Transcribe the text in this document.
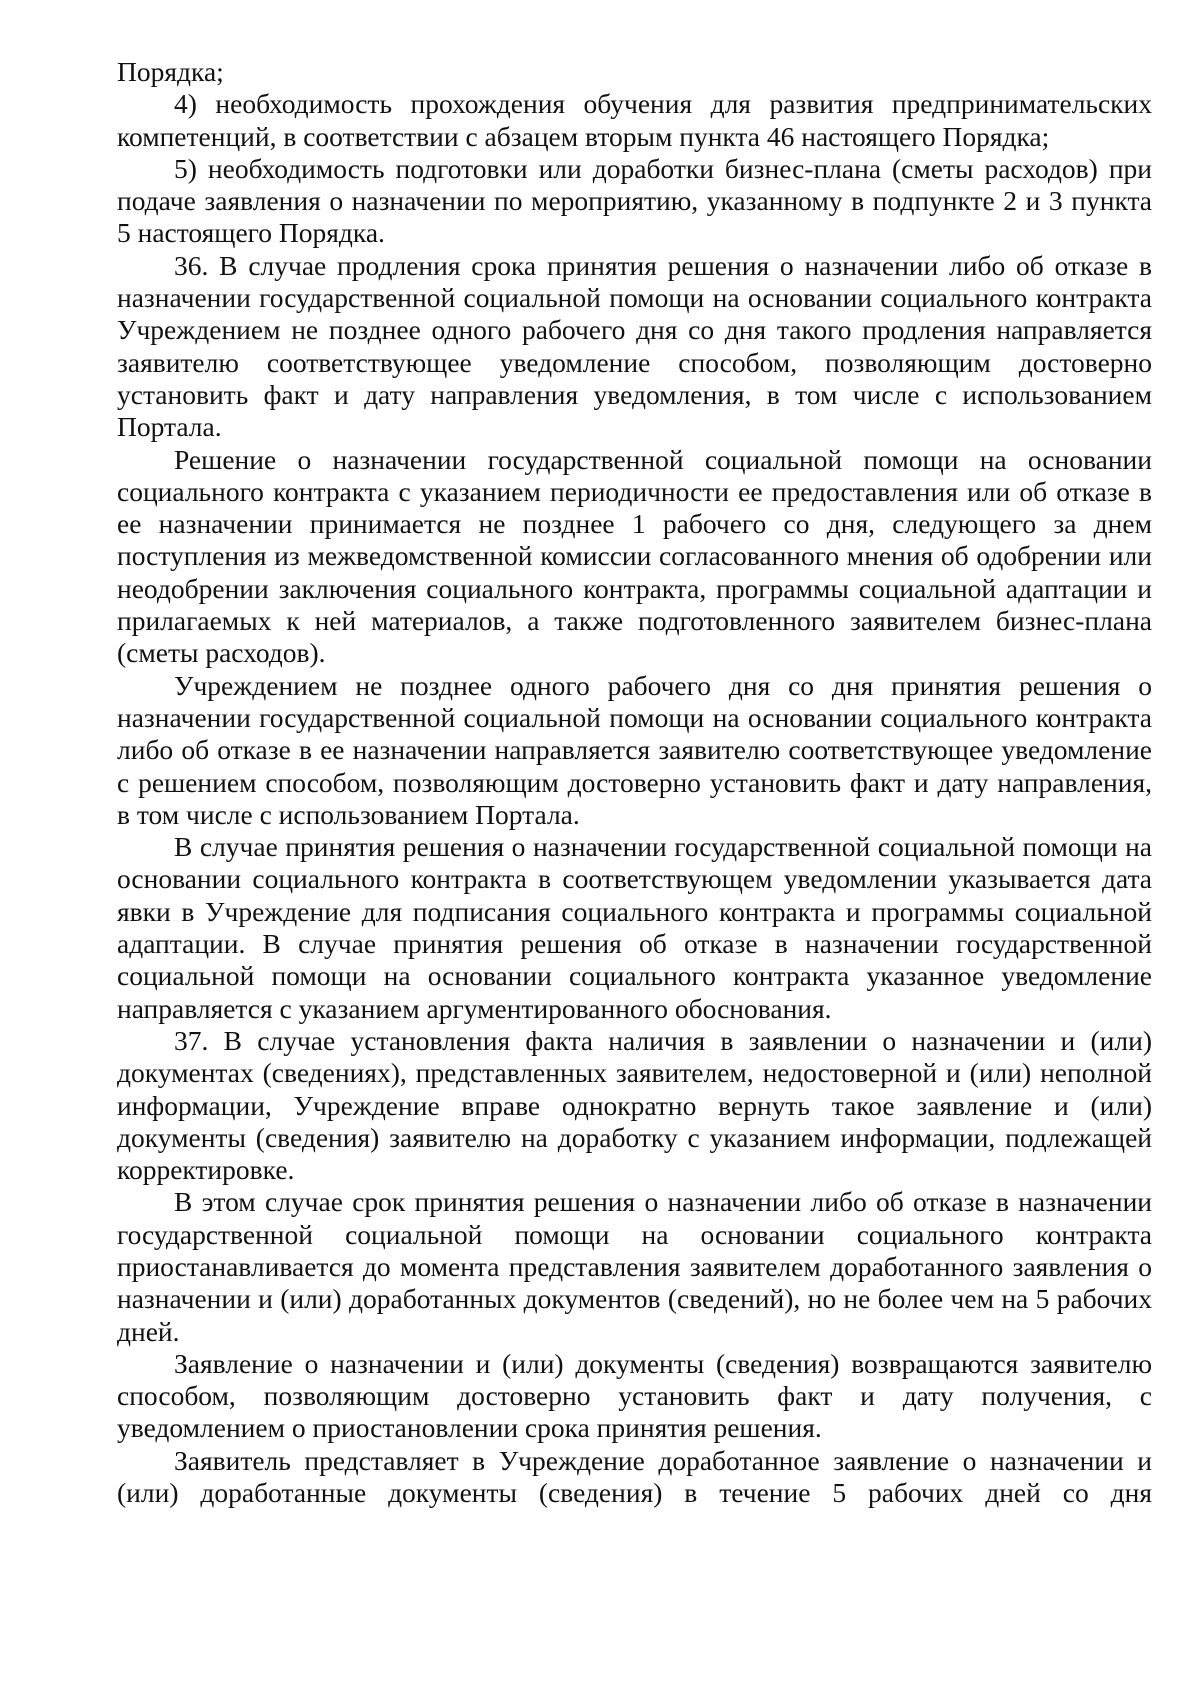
Порядка;

4) необходимость прохождения обучения для развития предпринимательских компетенций, в соответствии с абзацем вторым пункта 46 настоящего Порядка;

5) необходимость подготовки или доработки бизнес-плана (сметы расходов) при подаче заявления о назначении по мероприятию, указанному в подпункте 2 и 3 пункта 5 настоящего Порядка.

36. В случае продления срока принятия решения о назначении либо об отказе в назначении государственной социальной помощи на основании социального контракта Учреждением не позднее одного рабочего дня со дня такого продления направляется заявителю соответствующее уведомление способом, позволяющим достоверно установить факт и дату направления уведомления, в том числе с использованием Портала.

Решение о назначении государственной социальной помощи на основании социального контракта с указанием периодичности ее предоставления или об отказе в ее назначении принимается не позднее 1 рабочего со дня, следующего за днем поступления из межведомственной комиссии согласованного мнения об одобрении или неодобрении заключения социального контракта, программы социальной адаптации и прилагаемых к ней материалов, а также подготовленного заявителем бизнес-плана (сметы расходов).

Учреждением не позднее одного рабочего дня со дня принятия решения о назначении государственной социальной помощи на основании социального контракта либо об отказе в ее назначении направляется заявителю соответствующее уведомление с решением способом, позволяющим достоверно установить факт и дату направления, в том числе с использованием Портала.

В случае принятия решения о назначении государственной социальной помощи на основании социального контракта в соответствующем уведомлении указывается дата явки в Учреждение для подписания социального контракта и программы социальной адаптации. В случае принятия решения об отказе в назначении государственной социальной помощи на основании социального контракта указанное уведомление направляется с указанием аргументированного обоснования.

37. В случае установления факта наличия в заявлении о назначении и (или) документах (сведениях), представленных заявителем, недостоверной и (или) неполной информации, Учреждение вправе однократно вернуть такое заявление и (или) документы (сведения) заявителю на доработку с указанием информации, подлежащей корректировке.

В этом случае срок принятия решения о назначении либо об отказе в назначении государственной социальной помощи на основании социального контракта приостанавливается до момента представления заявителем доработанного заявления о назначении и (или) доработанных документов (сведений), но не более чем на 5 рабочих дней.

Заявление о назначении и (или) документы (сведения) возвращаются заявителю способом, позволяющим достоверно установить факт и дату получения, с уведомлением о приостановлении срока принятия решения.

Заявитель представляет в Учреждение доработанное заявление о назначении и (или) доработанные документы (сведения) в течение 5 рабочих дней со дня
